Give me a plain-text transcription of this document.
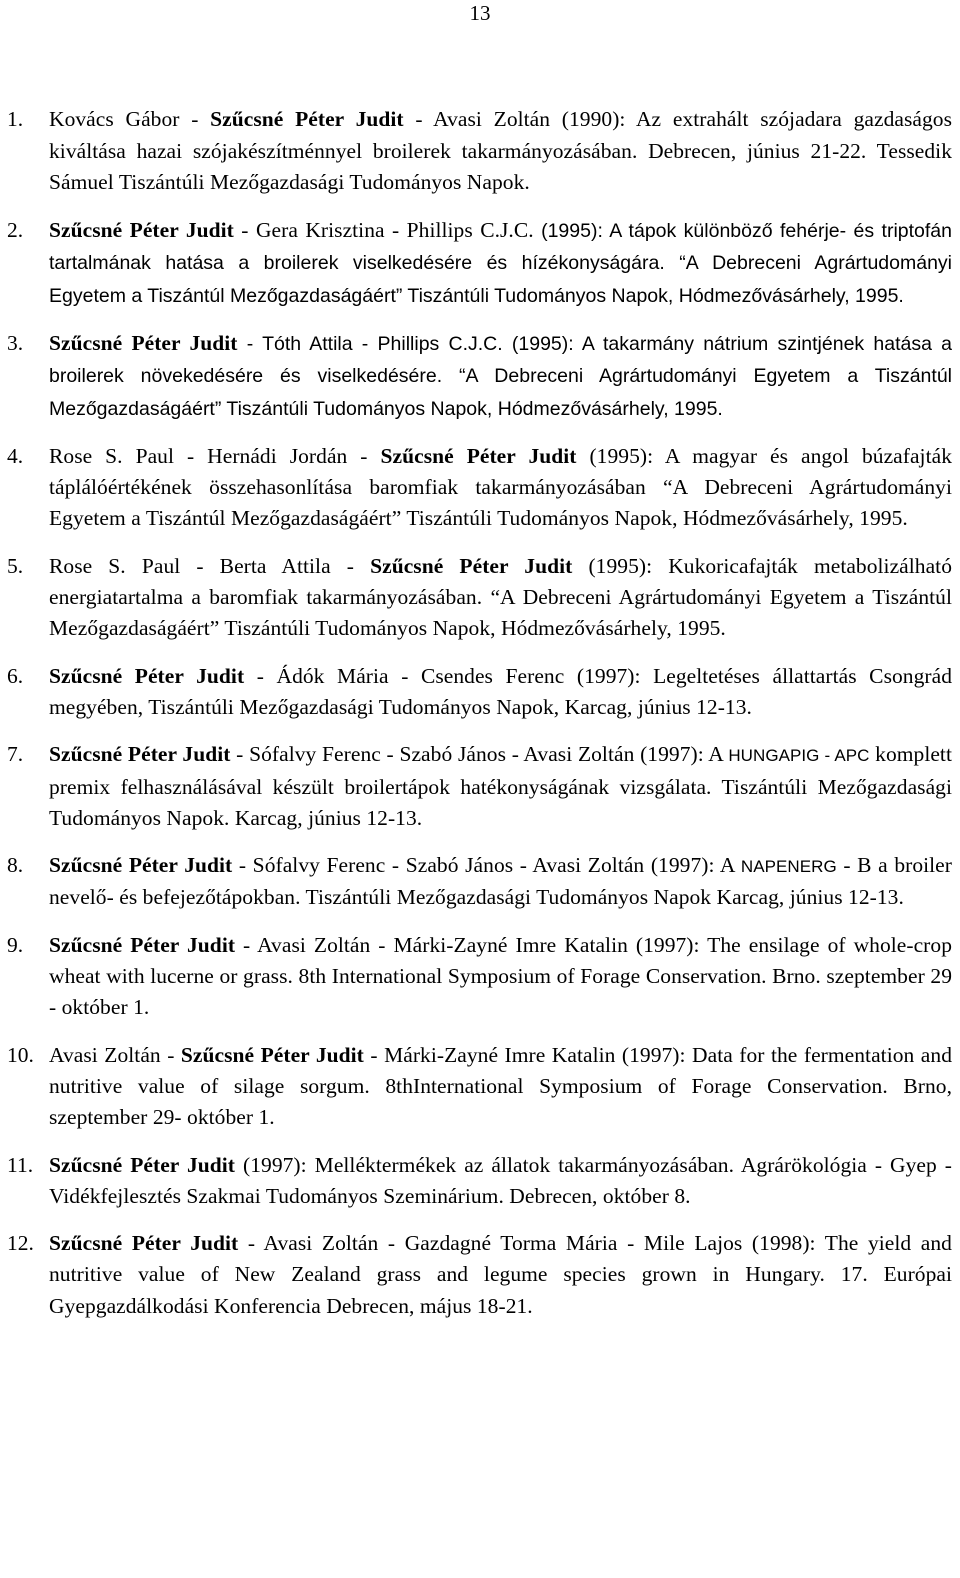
13
1. Kovács Gábor - Szűcsné Péter Judit - Avasi Zoltán (1990): Az extrahált szójadara gazdaságos kiváltása hazai szójakészítménnyel broilerek takarmányozásában. Debrecen, június 21-22. Tessedik Sámuel Tiszántúli Mezőgazdasági Tudományos Napok.
2. Szűcsné Péter Judit - Gera Krisztina - Phillips C.J.C. (1995): A tápok különböző fehérje- és triptofán tartalmának hatása a broilerek viselkedésére és hízékonyságára. “A Debreceni Agrártudományi Egyetem a Tiszántúl Mezőgazdaságáért” Tiszántúli Tudományos Napok, Hódmezővásárhely, 1995.
3. Szűcsné Péter Judit - Tóth Attila - Phillips C.J.C. (1995): A takarmány nátrium szintjének hatása a broilerek növekedésére és viselkedésére. “A Debreceni Agrártudományi Egyetem a Tiszántúl Mezőgazdaságáért” Tiszántúli Tudományos Napok, Hódmezővásárhely, 1995.
4. Rose S. Paul - Hernádi Jordán - Szűcsné Péter Judit (1995): A magyar és angol búzafajták táplálóértékének összehasonlítása baromfiak takarmányozásában “A Debreceni Agrártudományi Egyetem a Tiszántúl Mezőgazdaságáért” Tiszántúli Tudományos Napok, Hódmezővásárhely, 1995.
5. Rose S. Paul - Berta Attila - Szűcsné Péter Judit (1995): Kukoricafajták metabolizálható energiatartalma a baromfiak takarmányozásában. “A Debreceni Agrártudományi Egyetem a Tiszántúl Mezőgazdaságáért” Tiszántúli Tudományos Napok, Hódmezővásárhely, 1995.
6. Szűcsné Péter Judit - Ádók Mária - Csendes Ferenc (1997): Legeltetéses állattartás Csongrád megyében, Tiszántúli Mezőgazdasági Tudományos Napok, Karcag, június 12-13.
7. Szűcsné Péter Judit - Sófalvy Ferenc - Szabó János - Avasi Zoltán (1997): A HUNGAPIG - APC komplett premix felhasználásával készült broilertápok hatékonyságának vizsgálata. Tiszántúli Mezőgazdasági Tudományos Napok. Karcag, június 12-13.
8. Szűcsné Péter Judit - Sófalvy Ferenc - Szabó János - Avasi Zoltán (1997): A NAPENERG - B a broiler nevelő- és befejezőtápokban. Tiszántúli Mezőgazdasági Tudományos Napok Karcag, június 12-13.
9. Szűcsné Péter Judit - Avasi Zoltán - Márki-Zayné Imre Katalin (1997): The ensilage of whole-crop wheat with lucerne or grass. 8th International Symposium of Forage Conservation. Brno. szeptember 29 - október 1.
10. Avasi Zoltán - Szűcsné Péter Judit - Márki-Zayné Imre Katalin (1997): Data for the fermentation and nutritive value of silage sorgum. 8thInternational Symposium of Forage Conservation. Brno, szeptember 29- október 1.
11. Szűcsné Péter Judit (1997): Melléktermékek az állatok takarmányozásában. Agrárökológia - Gyep - Vidékfejlesztés Szakmai Tudományos Szeminárium. Debrecen, október 8.
12. Szűcsné Péter Judit - Avasi Zoltán - Gazdagné Torma Mária - Mile Lajos (1998): The yield and nutritive value of New Zealand grass and legume species grown in Hungary. 17. Európai Gyepgazdálkodási Konferencia Debrecen, május 18-21.
